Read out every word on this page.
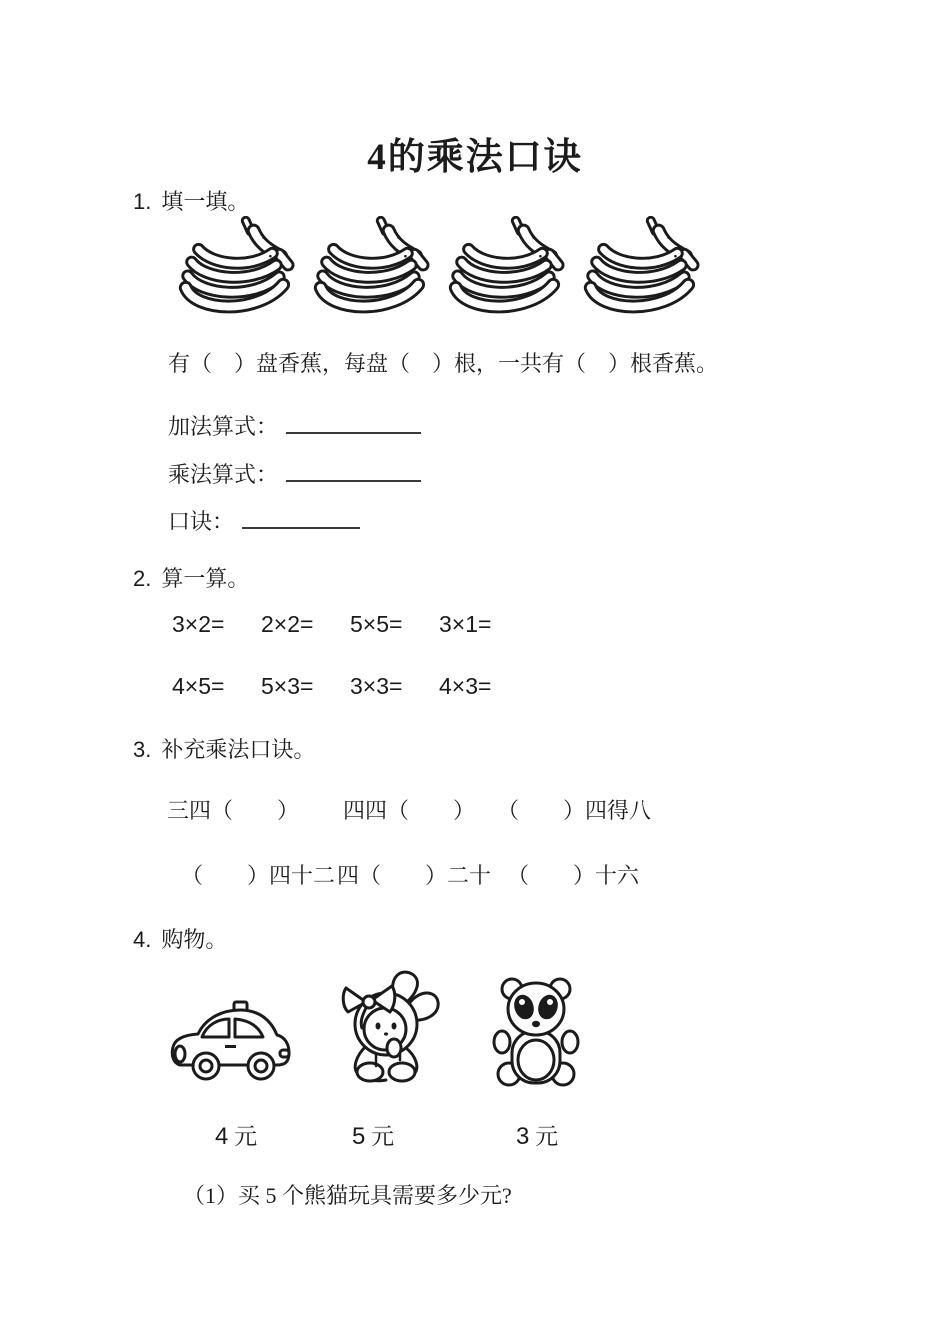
4的乘法口诀
1. 填一填。
有（　）盘香蕉，每盘（　）根，一共有（　）根香蕉。
加法算式：
乘法算式：
口诀：
2. 算一算。
3×2= 2×2= 5×5= 3×1=
4×5= 5×3= 3×3= 4×3=
3. 补充乘法口诀。
三四（　　） 四四（　　） （　　）四得八
（　　）四十二 四（　　）二十 （　　）十六
4. 购物。
4 元	5 元	3 元
（1）买 5 个熊猫玩具需要多少元?
